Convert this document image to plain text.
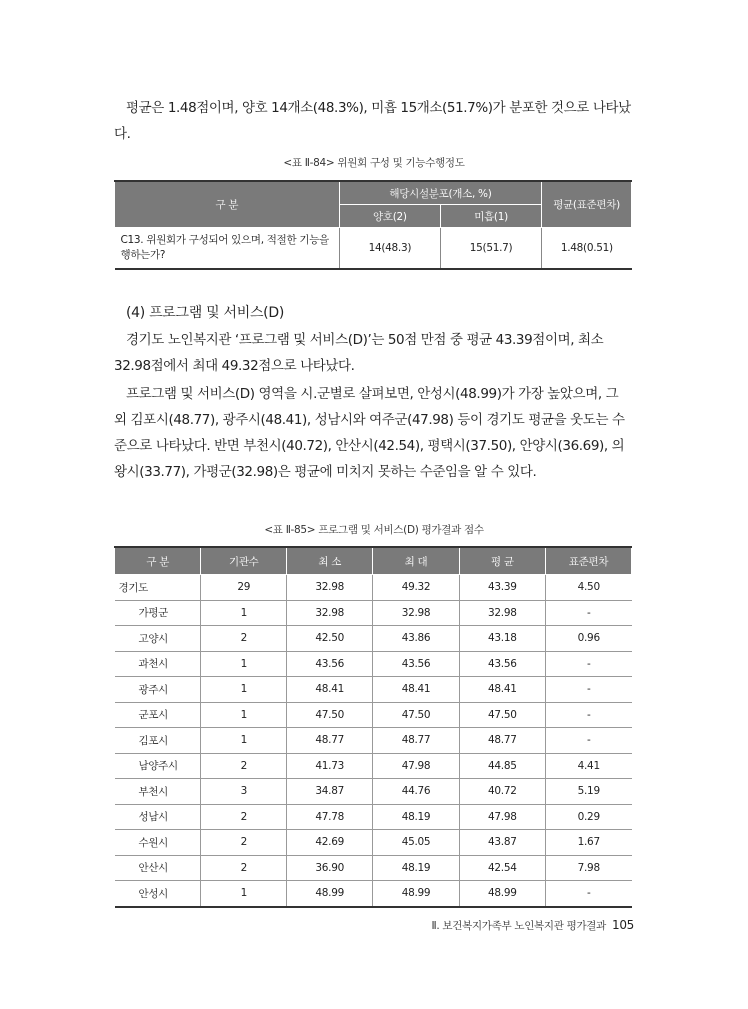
평균은 1.48점이며, 양호 14개소(48.3%), 미흡 15개소(51.7%)가 분포한 것으로 나타났다.

<표 Ⅱ-84> 위원회 구성 및 기능수행정도
구 분	해당시설분포(개소, %)		평균(표준편차)
	양호(2)	미흡(1)	
C13. 위원회가 구성되어 있으며, 적절한 기능을 행하는가?	14(48.3)	15(51.7)	1.48(0.51)
(4) 프로그램 및 서비스(D)

경기도 노인복지관 ‘프로그램 및 서비스(D)’는 50점 만점 중 평균 43.39점이며, 최소 32.98점에서 최대 49.32점으로 나타났다.

프로그램 및 서비스(D) 영역을 시․군별로 살펴보면, 안성시(48.99)가 가장 높았으며, 그 외 김포시(48.77), 광주시(48.41), 성남시와 여주군(47.98) 등이 경기도 평균을 웃도는 수준으로 나타났다. 반면 부천시(40.72), 안산시(42.54), 평택시(37.50), 안양시(36.69), 의왕시(33.77), 가평군(32.98)은 평균에 미치지 못하는 수준임을 알 수 있다.

<표 Ⅱ-85> 프로그램 및 서비스(D) 평가결과 점수
구 분	기관수	최 소	최 대	평 균	표준편차
경기도	29	32.98	49.32	43.39	4.50
가평군	1	32.98	32.98	32.98	-
고양시	2	42.50	43.86	43.18	0.96
과천시	1	43.56	43.56	43.56	-
광주시	1	48.41	48.41	48.41	-
군포시	1	47.50	47.50	47.50	-
김포시	1	48.77	48.77	48.77	-
남양주시	2	41.73	47.98	44.85	4.41
부천시	3	34.87	44.76	40.72	5.19
성남시	2	47.78	48.19	47.98	0.29
수원시	2	42.69	45.05	43.87	1.67
안산시	2	36.90	48.19	42.54	7.98
안성시	1	48.99	48.99	48.99	-
Ⅱ. 보건복지가족부 노인복지관 평가결과 105
